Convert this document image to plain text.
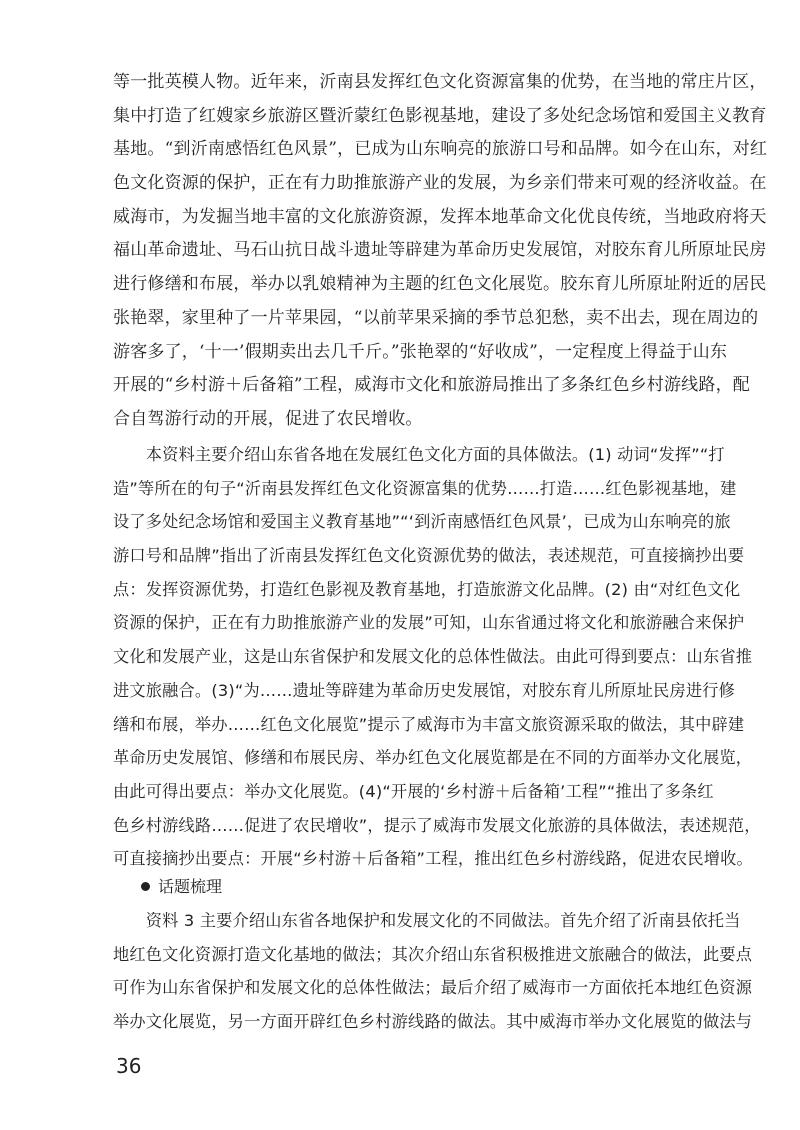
等一批英模人物。近年来，沂南县发挥红色文化资源富集的优势，在当地的常庄片区，
集中打造了红嫂家乡旅游区暨沂蒙红色影视基地，建设了多处纪念场馆和爱国主义教育
基地。“到沂南感悟红色风景”，已成为山东响亮的旅游口号和品牌。如今在山东，对红
色文化资源的保护，正在有力助推旅游产业的发展，为乡亲们带来可观的经济收益。在
威海市，为发掘当地丰富的文化旅游资源，发挥本地革命文化优良传统，当地政府将天
福山革命遗址、马石山抗日战斗遗址等辟建为革命历史发展馆，对胶东育儿所原址民房
进行修缮和布展，举办以乳娘精神为主题的红色文化展览。胶东育儿所原址附近的居民
张艳翠，家里种了一片苹果园，“以前苹果采摘的季节总犯愁，卖不出去，现在周边的
游客多了，‘十一’假期卖出去几千斤。”张艳翠的“好收成”，一定程度上得益于山东
开展的“乡村游＋后备箱”工程，威海市文化和旅游局推出了多条红色乡村游线路，配
合自驾游行动的开展，促进了农民增收。
　　本资料主要介绍山东省各地在发展红色文化方面的具体做法。(1) 动词“发挥”“打
造”等所在的句子“沂南县发挥红色文化资源富集的优势……打造……红色影视基地，建
设了多处纪念场馆和爱国主义教育基地”“‘到沂南感悟红色风景’，已成为山东响亮的旅
游口号和品牌”指出了沂南县发挥红色文化资源优势的做法，表述规范，可直接摘抄出要
点：发挥资源优势，打造红色影视及教育基地，打造旅游文化品牌。(2) 由“对红色文化
资源的保护，正在有力助推旅游产业的发展”可知，山东省通过将文化和旅游融合来保护
文化和发展产业，这是山东省保护和发展文化的总体性做法。由此可得到要点：山东省推
进文旅融合。(3)“为……遗址等辟建为革命历史发展馆，对胶东育儿所原址民房进行修
缮和布展，举办……红色文化展览”提示了威海市为丰富文旅资源采取的做法，其中辟建
革命历史发展馆、修缮和布展民房、举办红色文化展览都是在不同的方面举办文化展览，
由此可得出要点：举办文化展览。(4)“开展的‘乡村游＋后备箱’工程”“推出了多条红
色乡村游线路……促进了农民增收”，提示了威海市发展文化旅游的具体做法，表述规范，
可直接摘抄出要点：开展“乡村游＋后备箱”工程，推出红色乡村游线路，促进农民增收。
话题梳理
　　资料 3 主要介绍山东省各地保护和发展文化的不同做法。首先介绍了沂南县依托当
地红色文化资源打造文化基地的做法；其次介绍山东省积极推进文旅融合的做法，此要点
可作为山东省保护和发展文化的总体性做法；最后介绍了威海市一方面依托本地红色资源
举办文化展览，另一方面开辟红色乡村游线路的做法。其中威海市举办文化展览的做法与
36
